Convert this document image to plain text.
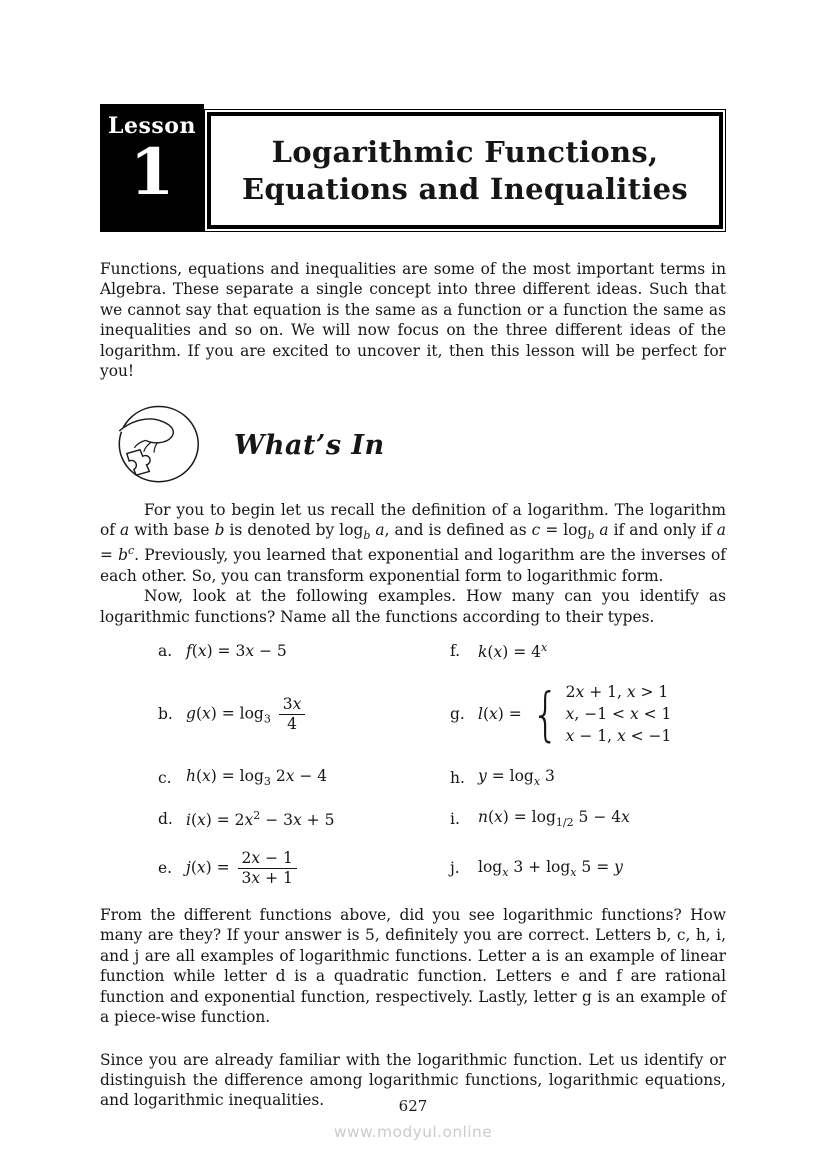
Lesson
1	Logarithmic Functions,
Equations and Inequalities

Functions, equations and inequalities are some of the most important terms in Algebra. These separate a single concept into three different ideas. Such that we cannot say that equation is the same as a function or a function the same as inequalities and so on. We will now focus on the three different ideas of the logarithm. If you are excited to uncover it, then this lesson will be perfect for you!

What’s In

For you to begin let us recall the definition of a logarithm. The logarithm of a with base b is denoted by $\log_b a$, and is defined as $c = \log_b a$ if and only if $a = b^c$. Previously, you learned that exponential and logarithm are the inverses of each other. So, you can transform exponential form to logarithmic form.

Now, look at the following examples. How many can you identify as logarithmic functions? Name all the functions according to their types.

a. f(x) = 3x − 5	f.	$k(x) = 4^x$
b. $g(x) = \log_3 \frac{3x}{4}$	g. l(x) = { 2x + 1, x > 1
x, −1 < x < 1
x − 1, x < −1
c. $h(x) = \log_3 2x - 4$	h. $y = \log_x 3$
d. $i(x) = 2x^2 - 3x + 5$	i.	$n(x) = \log_{1/2} 5 - 4x$
e. $j(x) = \frac{2x - 1}{3x + 1}$	j.	$\log_x 3 + \log_x 5 = y$

From the different functions above, did you see logarithmic functions? How many are they? If your answer is 5, definitely you are correct. Letters b, c, h, i, and j are all examples of logarithmic functions. Letter a is an example of linear function while letter d is a quadratic function. Letters e and f are rational function and exponential function, respectively. Lastly, letter g is an example of a piece-wise function.

Since you are already familiar with the logarithmic function. Let us identify or distinguish the difference among logarithmic functions, logarithmic equations, and logarithmic inequalities.	627
www.modyul.online
